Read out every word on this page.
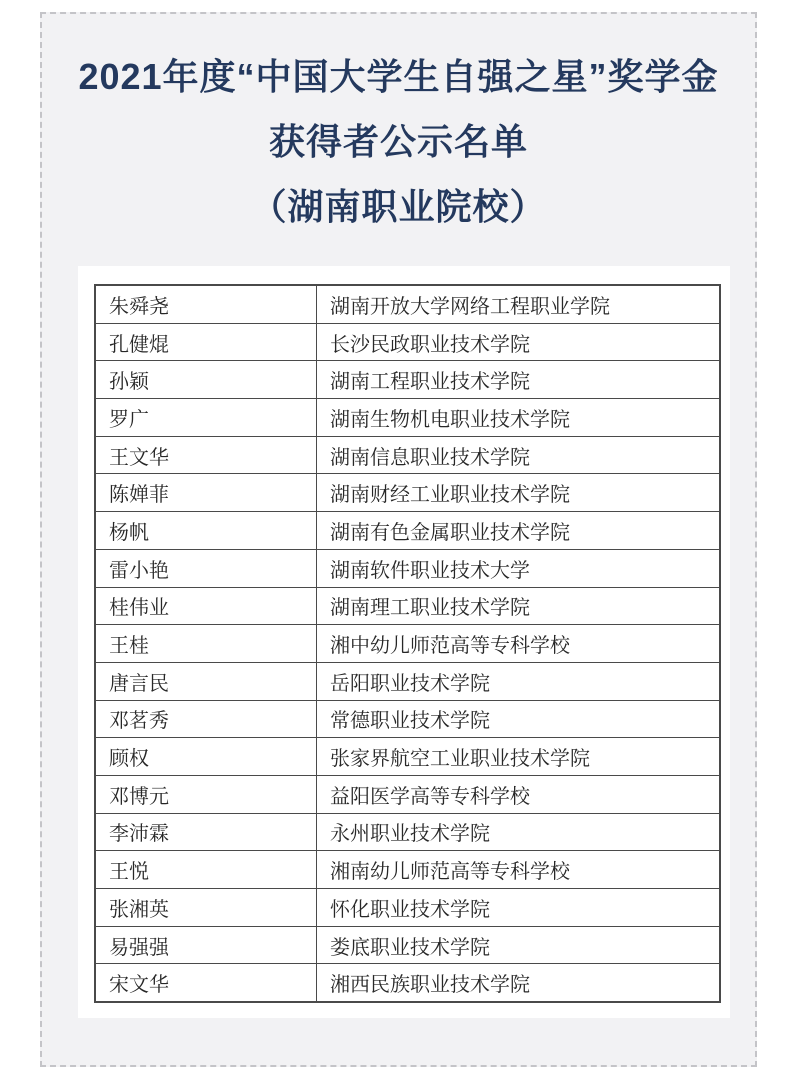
2021年度“中国大学生自强之星”奖学金
获得者公示名单
（湖南职业院校）
朱舜尧	湖南开放大学网络工程职业学院
孔健焜	长沙民政职业技术学院
孙颖	湖南工程职业技术学院
罗广	湖南生物机电职业技术学院
王文华	湖南信息职业技术学院
陈婵菲	湖南财经工业职业技术学院
杨帆	湖南有色金属职业技术学院
雷小艳	湖南软件职业技术大学
桂伟业	湖南理工职业技术学院
王桂	湘中幼儿师范高等专科学校
唐言民	岳阳职业技术学院
邓茗秀	常德职业技术学院
顾权	张家界航空工业职业技术学院
邓博元	益阳医学高等专科学校
李沛霖	永州职业技术学院
王悦	湘南幼儿师范高等专科学校
张湘英	怀化职业技术学院
易强强	娄底职业技术学院
宋文华	湘西民族职业技术学院
